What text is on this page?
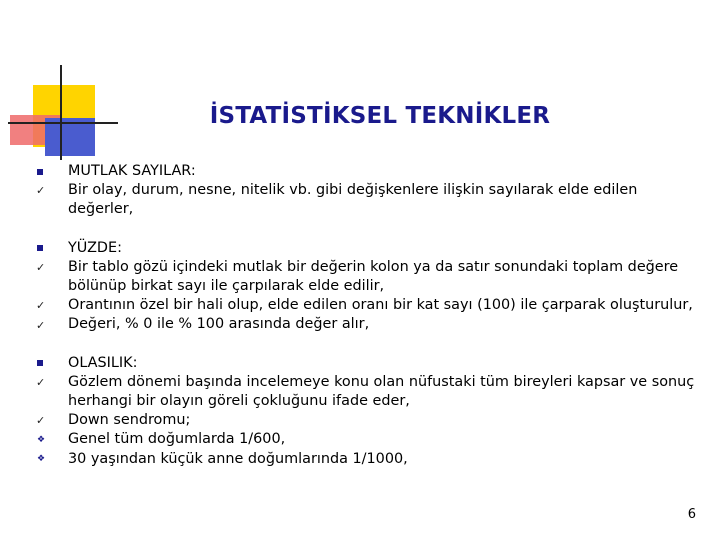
İSTATİSTİKSEL TEKNİKLER
MUTLAK SAYILAR:
✓ Bir olay, durum, nesne, nitelik vb. gibi değişkenlere ilişkin sayılarak elde edilen değerler,
YÜZDE:
✓ Bir tablo gözü içindeki mutlak bir değerin kolon ya da satır sonundaki toplam değere
bölünüp birkat sayı ile çarpılarak elde edilir,
✓ Orantının özel bir hali olup, elde edilen oranı bir kat sayı (100) ile çarparak oluşturulur,
✓ Değeri, % 0 ile % 100 arasında değer alır,
OLASILIK:
✓ Gözlem dönemi başında incelemeye konu olan nüfustaki tüm bireyleri kapsar ve sonuç
herhangi bir olayın göreli çokluğunu ifade eder,
✓ Down sendromu;
❖ Genel tüm doğumlarda 1/600,
❖ 30 yaşından küçük anne doğumlarında 1/1000,
6
